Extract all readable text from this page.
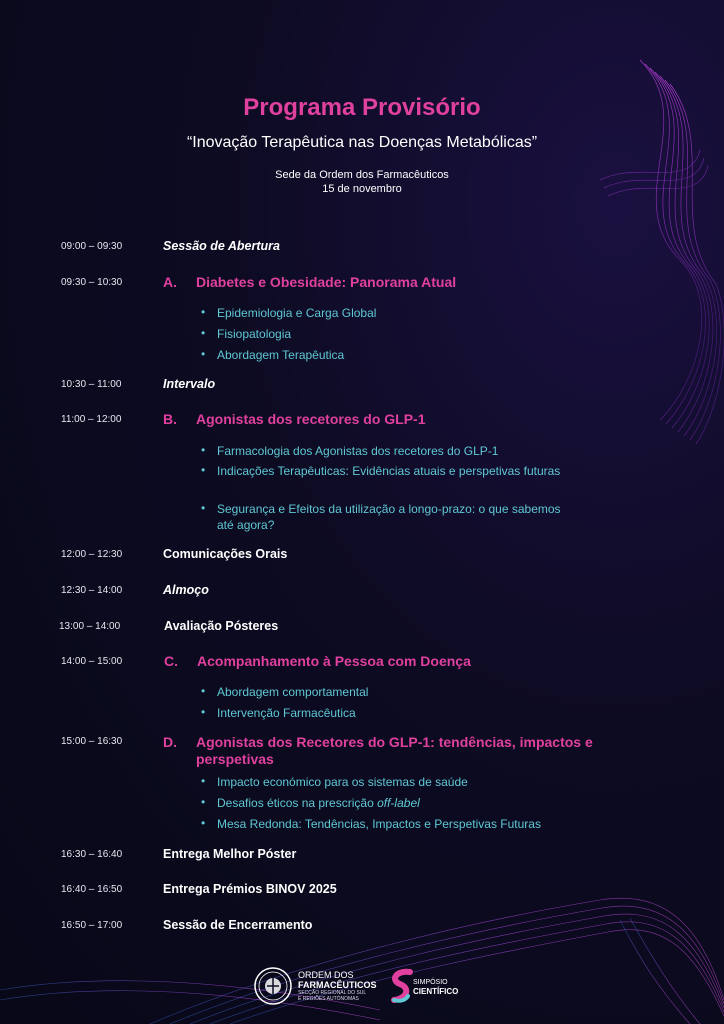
Programa Provisório
“Inovação Terapêutica nas Doenças Metabólicas”
Sede da Ordem dos Farmacêuticos
15 de novembro
09:00 – 09:30	Sessão de Abertura
09:30 – 10:30	A. Diabetes e Obesidade: Panorama Atual
• Epidemiologia e Carga Global
• Fisiopatologia
• Abordagem Terapêutica
10:30 – 11:00	Intervalo
11:00 – 12:00	B. Agonistas dos recetores do GLP-1
• Farmacologia dos Agonistas dos recetores do GLP-1
• Indicações Terapêuticas: Evidências atuais e perspetivas futuras
• Segurança e Efeitos da utilização a longo-prazo: o que sabemos até agora?
12:00 – 12:30	Comunicações Orais
12:30 – 14:00	Almoço
13:00 – 14:00	Avaliação Pósteres
14:00 – 15:00	C. Acompanhamento à Pessoa com Doença
• Abordagem comportamental
• Intervenção Farmacêutica
15:00 – 16:30	D. Agonistas dos Recetores do GLP-1: tendências, impactos e perspetivas
• Impacto económico para os sistemas de saúde
• Desafios éticos na prescrição off-label
• Mesa Redonda: Tendências, Impactos e Perspetivas Futuras
16:30 – 16:40	Entrega Melhor Póster
16:40 – 16:50	Entrega Prémios BINOV 2025
16:50 – 17:00	Sessão de Encerramento
ORDEM DOS
FARMACÊUTICOS
SECÇÃO REGIONAL DO SUL
E REGIÕES AUTÓNOMAS
SIMPÓSIO
CIENTÍFICO
